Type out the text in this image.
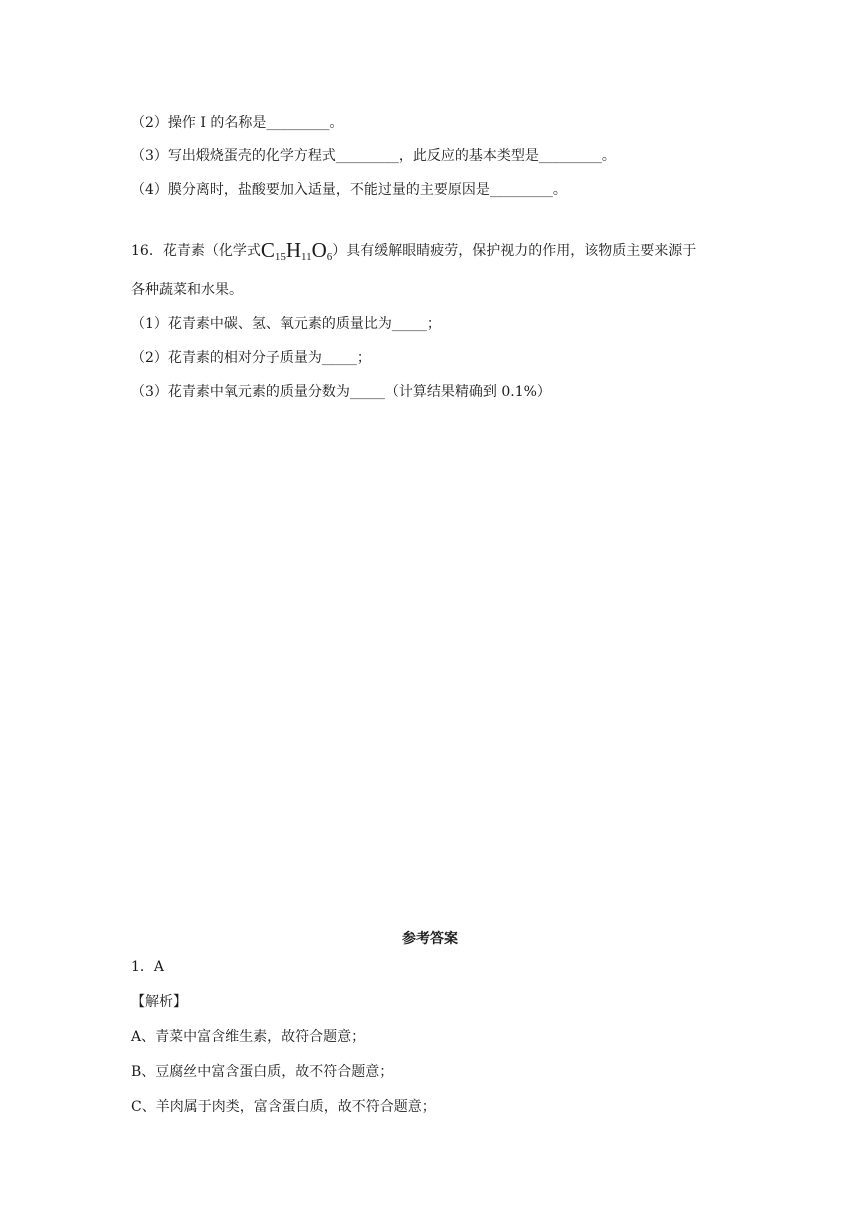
（2）操作 I 的名称是_________。
（3）写出煅烧蛋壳的化学方程式_________，此反应的基本类型是_________。
（4）膜分离时，盐酸要加入适量，不能过量的主要原因是_________。
16．花青素（化学式$C_{15}H_{11}O_6$）具有缓解眼睛疲劳，保护视力的作用，该物质主要来源于
各种蔬菜和水果。
（1）花青素中碳、氢、氧元素的质量比为_____；
（2）花青素的相对分子质量为_____；
（3）花青素中氧元素的质量分数为_____（计算结果精确到 0.1%）
参考答案
1．A
【解析】
A、青菜中富含维生素，故符合题意；
B、豆腐丝中富含蛋白质，故不符合题意；
C、羊肉属于肉类，富含蛋白质，故不符合题意；
